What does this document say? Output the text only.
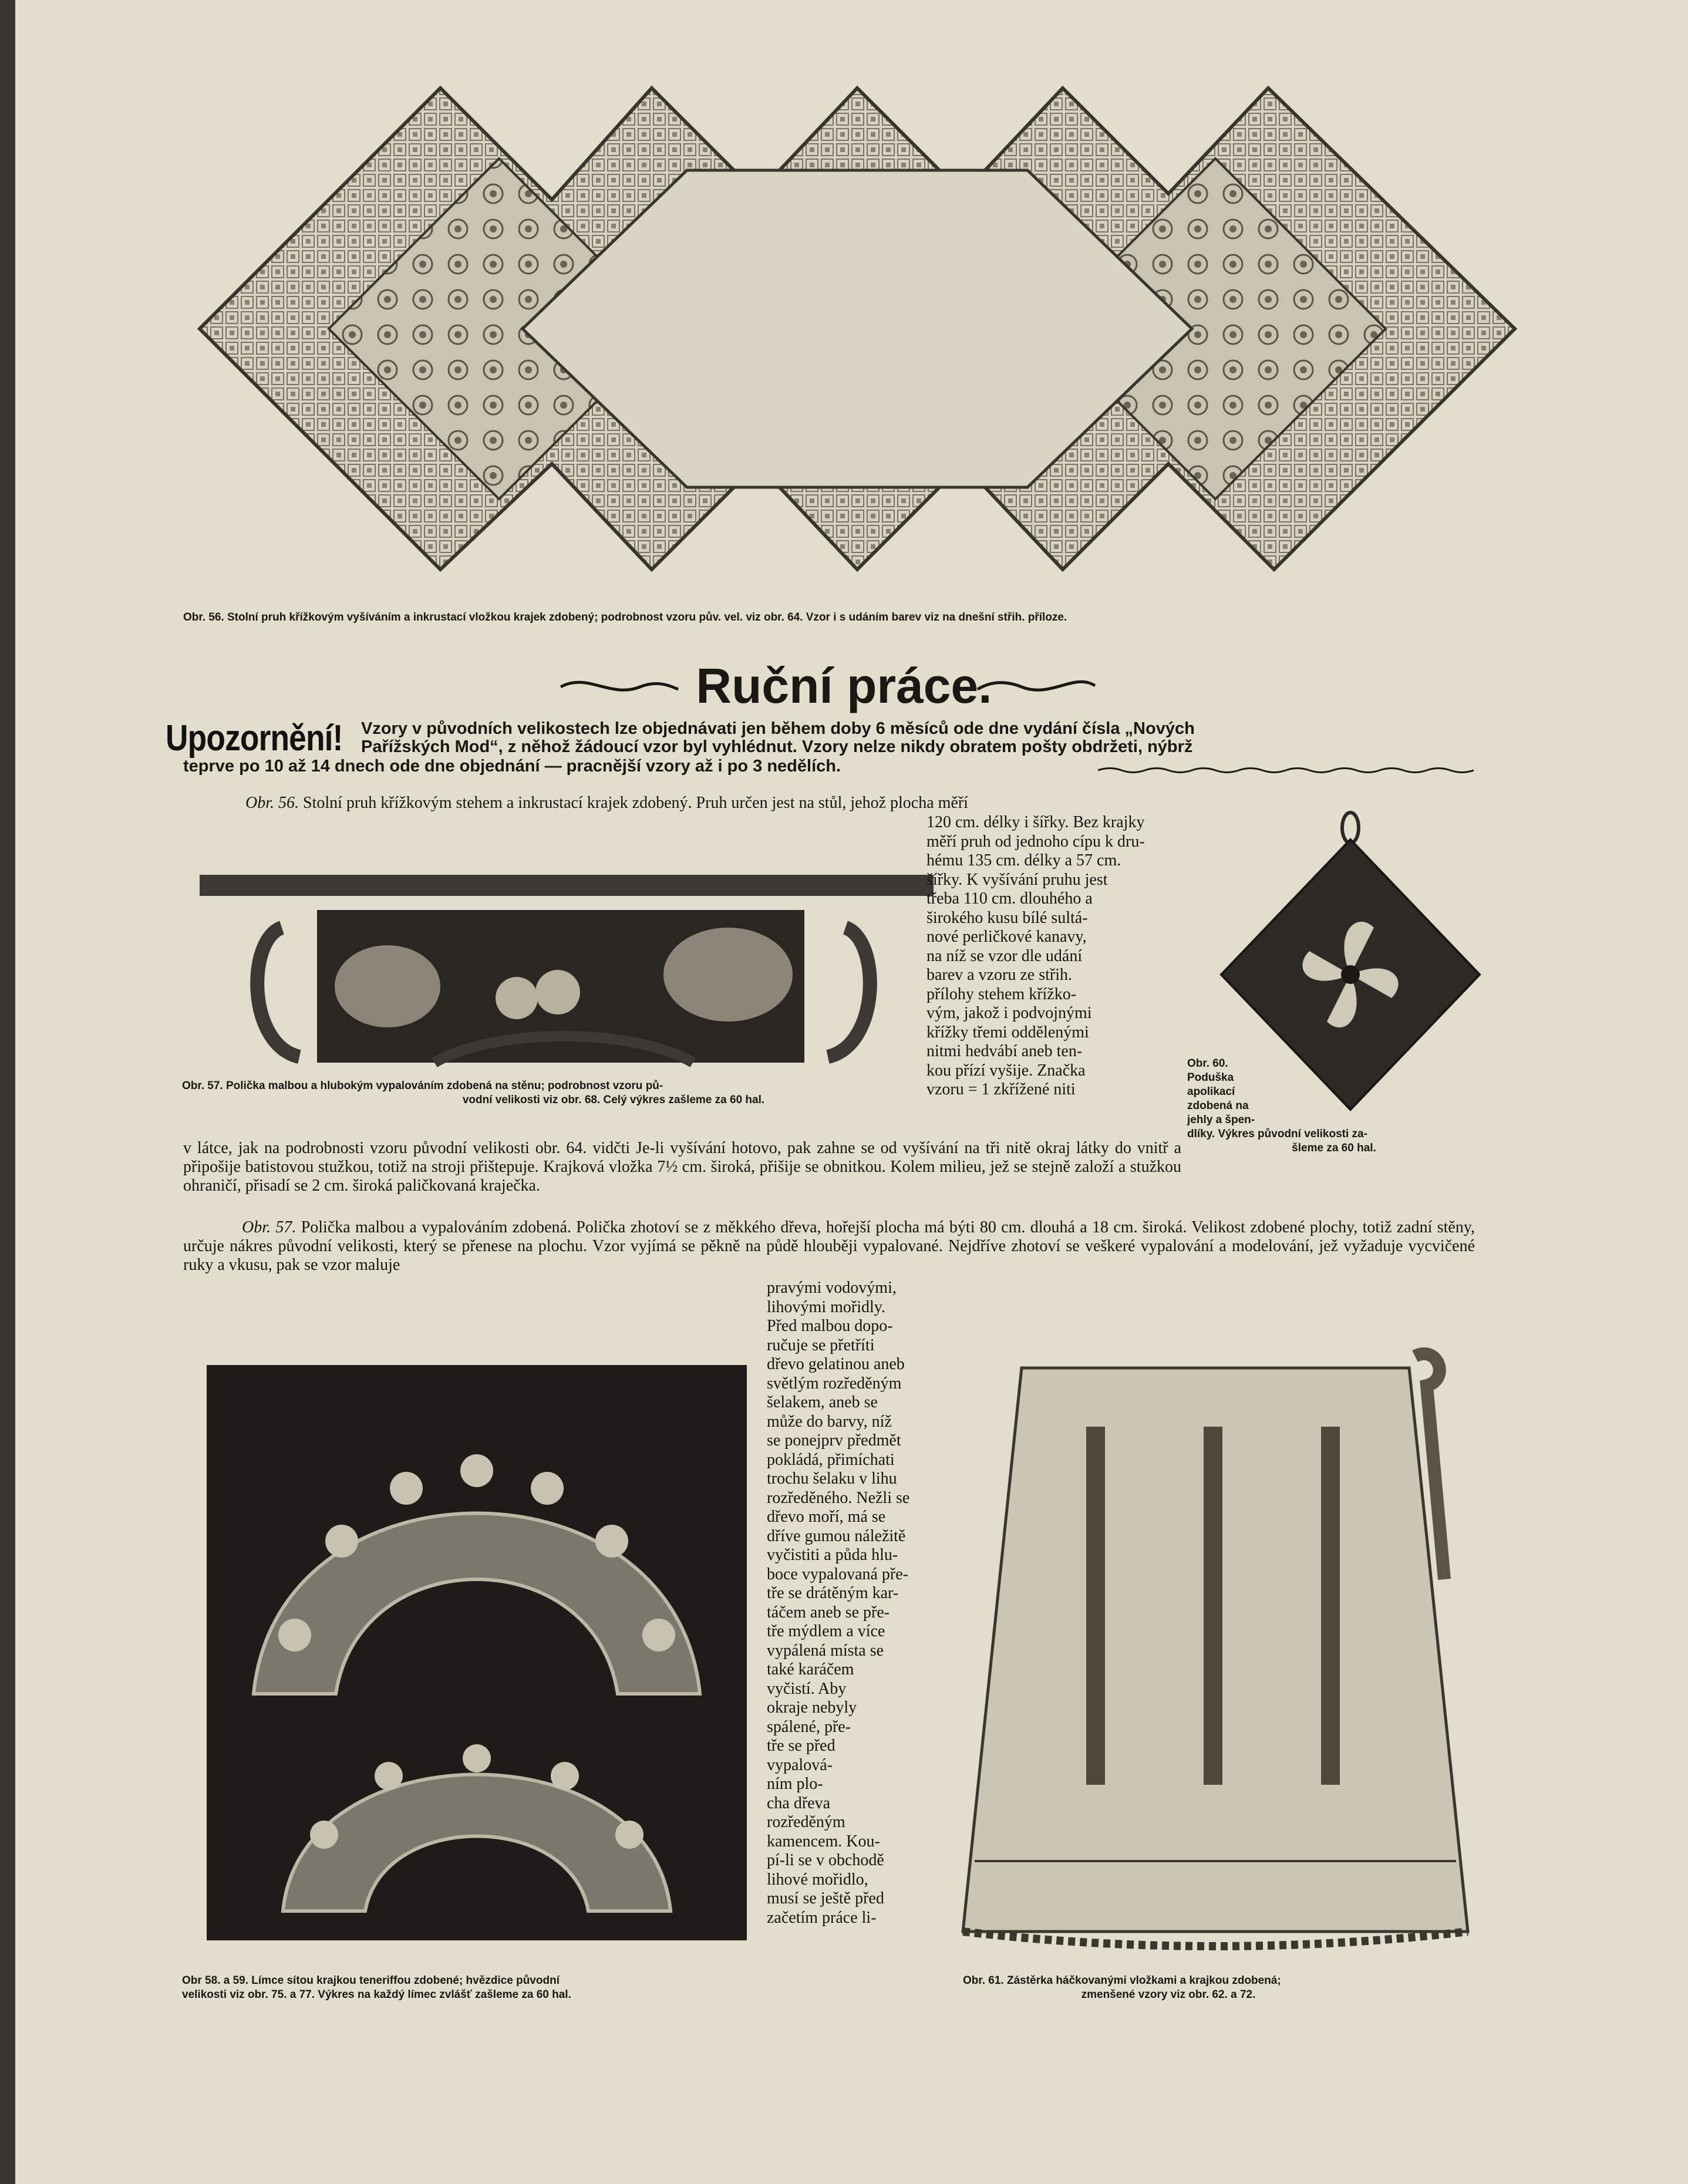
Obr. 56. Stolní pruh křížkovým vyšíváním a inkrustací vložkou krajek zdobený; podrobnost vzoru pův. vel. viz obr. 64. Vzor i s udáním barev viz na dnešní střih. příloze.
Ruční práce.
Upozornění! Vzory v původních velikostech lze objednávati jen během doby 6 měsíců ode dne vydání čísla „Nových
Pařížských Mod“, z něhož žádoucí vzor byl vyhlédnut. Vzory nelze nikdy obratem pošty obdržeti, nýbrž
teprve po 10 až 14 dnech ode dne objednání — pracnější vzory až i po 3 nedělích.
Obr. 56. Stolní pruh křížkovým stehem a inkrustací krajek zdobený. Pruh určen jest na stůl, jehož plocha měří
Obr. 57. Polička malbou a hlubokým vypalováním zdobená na stěnu; podrobnost vzoru pů-
vodní velikosti viz obr. 68. Celý výkres zašleme za 60 hal.

120 cm. délky i šířky. Bez krajky

měří pruh od jednoho cípu k dru-

hému 135 cm. délky a 57 cm.

šířky. K vyšívání pruhu jest

třeba 110 cm. dlouhého a

širokého kusu bílé sultá-

nové perličkové kanavy,

na níž se vzor dle udání

barev a vzoru ze střih.

přílohy stehem křížko-

vým, jakož i podvojnými

křížky třemi oddělenými

nitmi hedvábí aneb ten-

kou přízí vyšije. Značka

vzoru = 1 zkřížené niti

Obr. 60.
Poduška
apolikací
zdobená na
jehly a špen-
dlíky. Výkres původní velikosti za-
šleme za 60 hal.
v látce, jak na podrobnosti vzoru původní velikosti obr. 64. vidčti Je-li vyšívání hotovo, pak zahne se od vyšívání na tři nitě okraj látky do vnitř a připošije batistovou stužkou, totiž na stroji přištepuje. Krajková vložka 7½ cm. široká, přišije se obnitkou. Kolem milieu, jež se stejně založí a stužkou ohraničí, přisadí se 2 cm. široká paličkovaná kraječka.
Obr. 57. Polička malbou a vypalováním zdobená. Polička zhotoví se z měkkého dřeva, hořejší plocha má býti 80 cm. dlouhá a 18 cm. široká. Velikost zdobené plochy, totiž zadní stěny, určuje nákres původní velikosti, který se přenese na plochu. Vzor vyjímá se pěkně na půdě hlouběji vypalované. Nejdříve zhotoví se veškeré vypalování a modelování, jež vyžaduje vycvičené ruky a vkusu, pak se vzor maluje

pravými vodovými,

lihovými mořidly.

Před malbou dopo-

ručuje se přetříti

dřevo gelatinou aneb

světlým rozředěným

šelakem, aneb se

může do barvy, níž

se ponejprv předmět

pokládá, přimíchati

trochu šelaku v lihu

rozředěného. Nežli se

dřevo moří, má se

dříve gumou náležitě

vyčistiti a půda hlu-

boce vypalovaná pře-

tře se drátěným kar-

táčem aneb se pře-

tře mýdlem a více

vypálená místa se

také karáčem

vyčistí. Aby

okraje nebyly

spálené, pře-

tře se před

vypalová-

ním plo-

cha dřeva

rozředěným

kamencem. Kou-

pí-li se v obchodě

lihové mořidlo,

musí se ještě před

začetím práce li-

Obr 58. a 59. Límce sítou krajkou teneriffou zdobené; hvězdice původní
velikosti viz obr. 75. a 77. Výkres na každý límec zvlášť zašleme za 60 hal.
Obr. 61. Zástěrka háčkovanými vložkami a krajkou zdobená;
zmenšené vzory viz obr. 62. a 72.
